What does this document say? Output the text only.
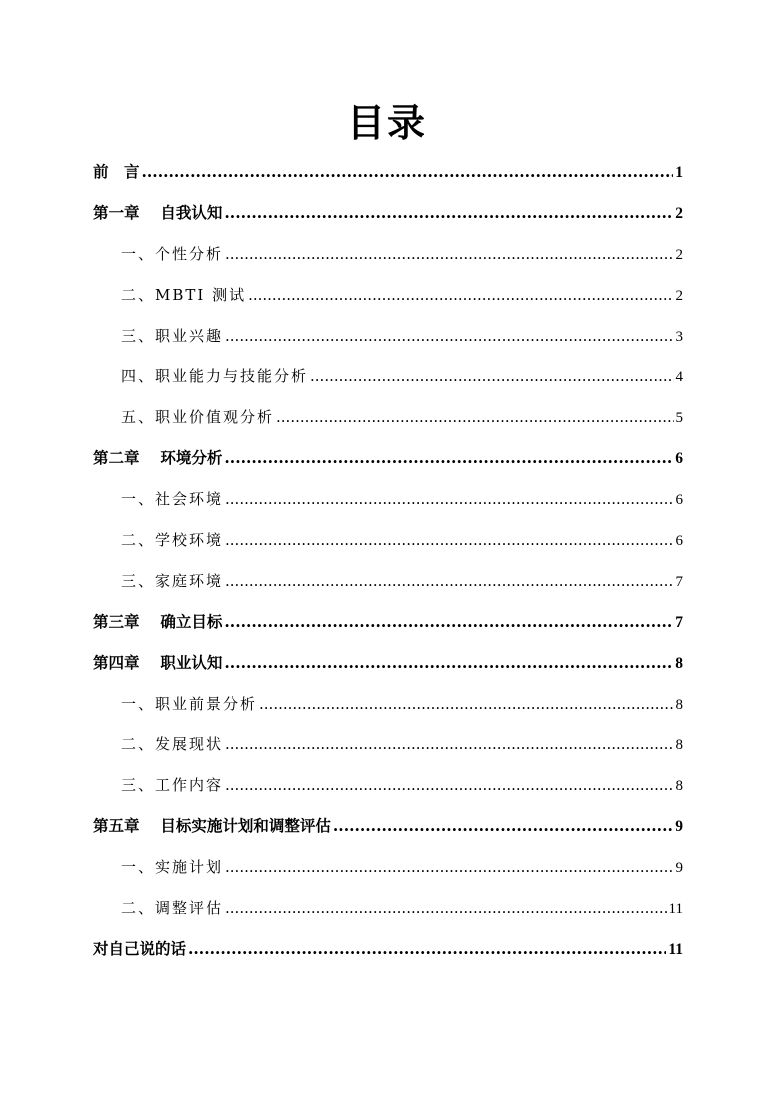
目录
前　言 .....	1
第一章　 自我认知 .....	2
一、个性分析 .....	2
二、MBTI 测试 .....	2
三、职业兴趣 .....	3
四、职业能力与技能分析 .....	4
五、职业价值观分析 .....	5
第二章　 环境分析 .....	6
一、社会环境 .....	6
二、学校环境 .....	6
三、家庭环境 .....	7
第三章　 确立目标 .....	7
第四章　 职业认知 .....	8
一、职业前景分析 .....	8
二、发展现状 .....	8
三、工作内容 .....	8
第五章　 目标实施计划和调整评估 .....	9
一、实施计划 .....	9
二、调整评估 .....	11
对自己说的话 .....	11
